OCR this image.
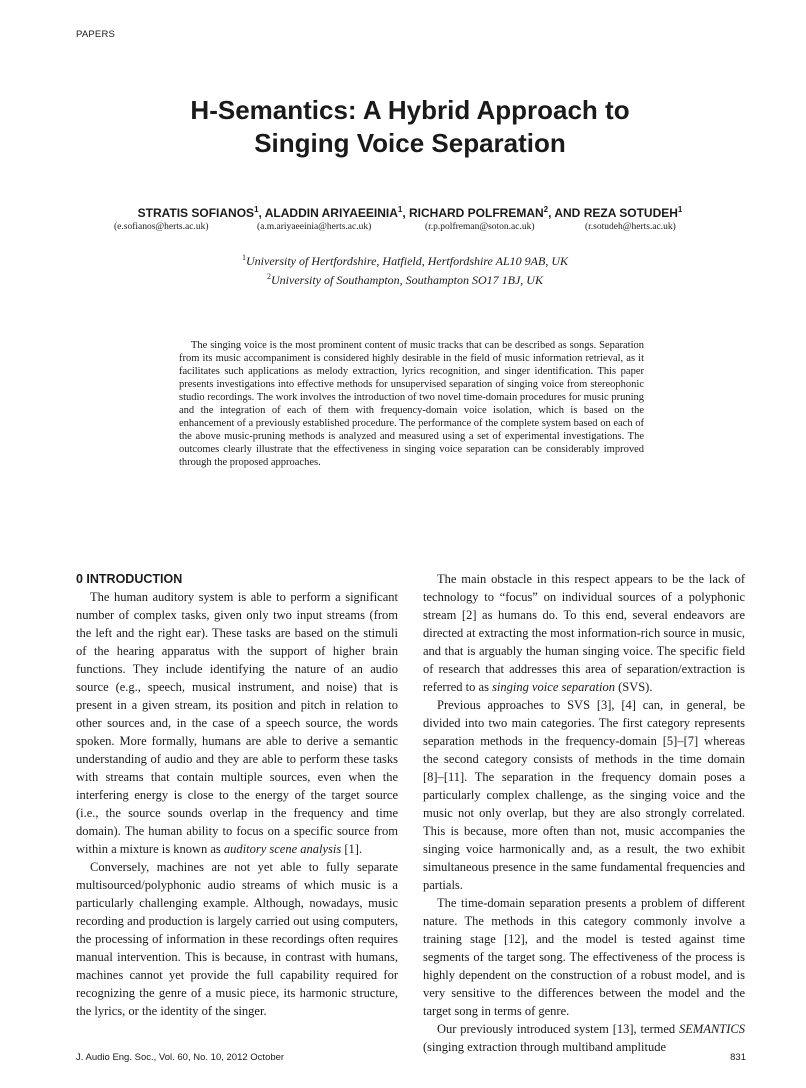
PAPERS
H-Semantics: A Hybrid Approach to
Singing Voice Separation
STRATIS SOFIANOS$^1$, ALADDIN ARIYAEEINIA$^1$, RICHARD POLFREMAN$^2$, AND REZA SOTUDEH$^1$
(e.sofianos@herts.ac.uk)	(a.m.ariyaeeinia@herts.ac.uk)	(r.p.polfreman@soton.ac.uk)	(r.sotudeh@herts.ac.uk)
$^1$University of Hertfordshire, Hatfield, Hertfordshire AL10 9AB, UK
$^2$University of Southampton, Southampton SO17 1BJ, UK
The singing voice is the most prominent content of music tracks that can be described as songs. Separation from its music accompaniment is considered highly desirable in the field of music information retrieval, as it facilitates such applications as melody extraction, lyrics recognition, and singer identification. This paper presents investigations into effective methods for unsupervised separation of singing voice from stereophonic studio recordings. The work involves the introduction of two novel time-domain procedures for music pruning and the integration of each of them with frequency-domain voice isolation, which is based on the enhancement of a previously established procedure. The performance of the complete system based on each of the above music-pruning methods is analyzed and measured using a set of experimental investigations. The outcomes clearly illustrate that the effectiveness in singing voice separation can be considerably improved through the proposed approaches.

0 INTRODUCTION

The human auditory system is able to perform a significant number of complex tasks, given only two input streams (from the left and the right ear). These tasks are based on the stimuli of the hearing apparatus with the support of higher brain functions. They include identifying the nature of an audio source (e.g., speech, musical instrument, and noise) that is present in a given stream, its position and pitch in relation to other sources and, in the case of a speech source, the words spoken. More formally, humans are able to derive a semantic understanding of audio and they are able to perform these tasks with streams that contain multiple sources, even when the interfering energy is close to the energy of the target source (i.e., the source sounds overlap in the frequency and time domain). The human ability to focus on a specific source from within a mixture is known as auditory scene analysis [1].

Conversely, machines are not yet able to fully separate multisourced/polyphonic audio streams of which music is a particularly challenging example. Although, nowadays, music recording and production is largely carried out using computers, the processing of information in these recordings often requires manual intervention. This is because, in contrast with humans, machines cannot yet provide the full capability required for recognizing the genre of a music piece, its harmonic structure, the lyrics, or the identity of the singer.

The main obstacle in this respect appears to be the lack of technology to “focus” on individual sources of a polyphonic stream [2] as humans do. To this end, several endeavors are directed at extracting the most information-rich source in music, and that is arguably the human singing voice. The specific field of research that addresses this area of separation/extraction is referred to as singing voice separation (SVS).

Previous approaches to SVS [3], [4] can, in general, be divided into two main categories. The first category represents separation methods in the frequency-domain [5]–[7] whereas the second category consists of methods in the time domain [8]–[11]. The separation in the frequency domain poses a particularly complex challenge, as the singing voice and the music not only overlap, but they are also strongly correlated. This is because, more often than not, music accompanies the singing voice harmonically and, as a result, the two exhibit simultaneous presence in the same fundamental frequencies and partials.

The time-domain separation presents a problem of different nature. The methods in this category commonly involve a training stage [12], and the model is tested against time segments of the target song. The effectiveness of the process is highly dependent on the construction of a robust model, and is very sensitive to the differences between the model and the target song in terms of genre.

Our previously introduced system [13], termed SEMANTICS (singing extraction through multiband amplitude

J. Audio Eng. Soc., Vol. 60, No. 10, 2012 October	831
